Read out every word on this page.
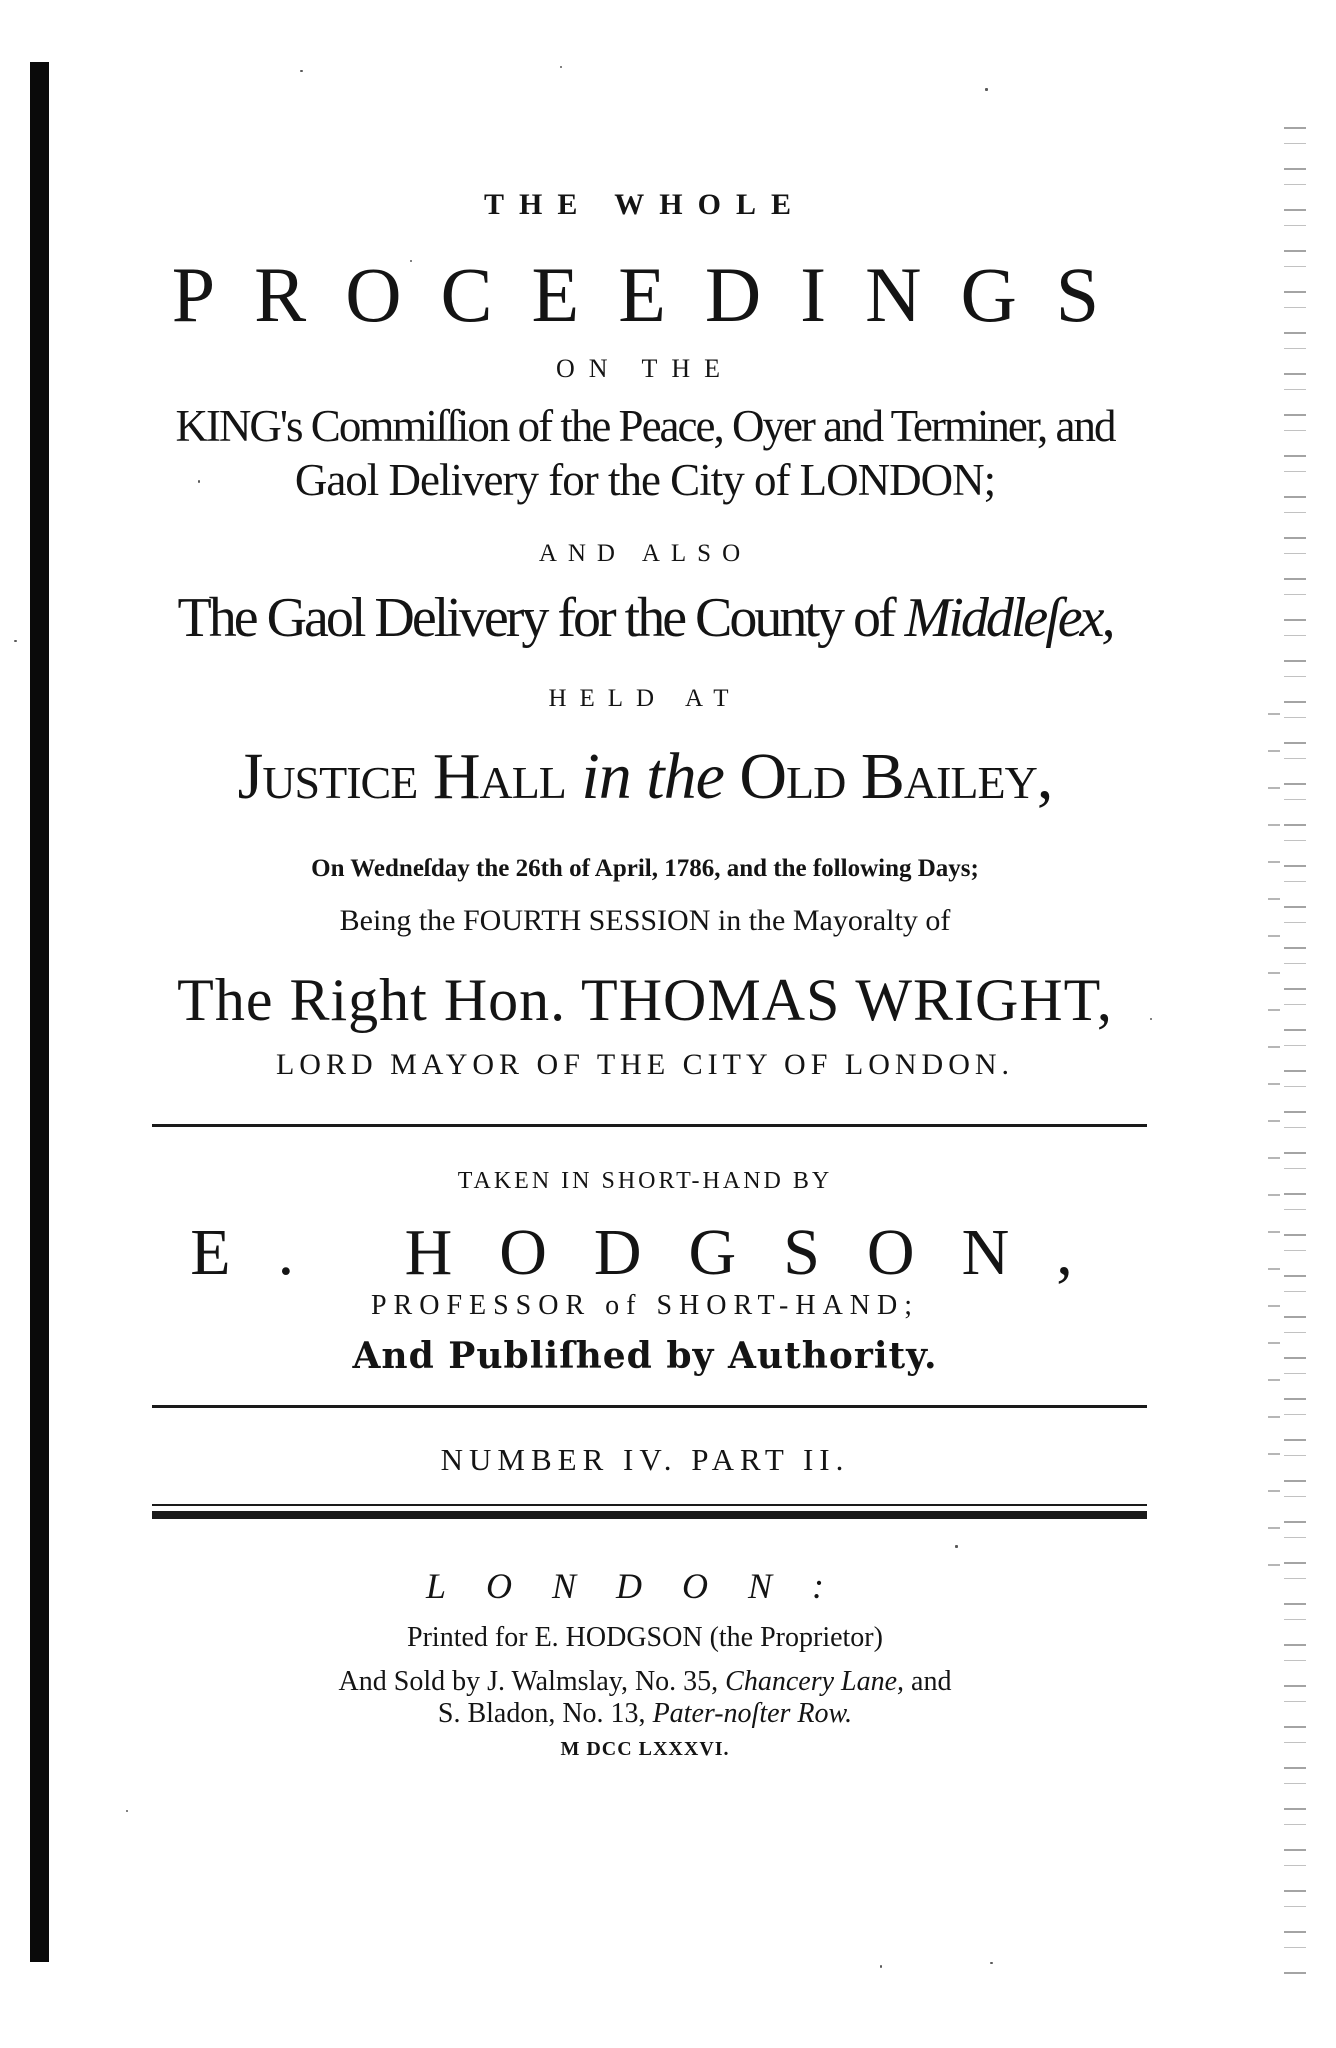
THE WHOLE
PROCEEDINGS
ON THE
KING's Commiſſion of the Peace, Oyer and Terminer, and
Gaol Delivery for the City of LONDON;
AND ALSO
The Gaol Delivery for the County of Middleſex,
HELD AT
Justice Hall in the Old Bailey,
On Wedneſday the 26th of April, 1786, and the following Days;
Being the FOURTH SESSION in the Mayoralty of
The Right Hon. THOMAS WRIGHT,
LORD MAYOR OF THE CITY OF LONDON.
TAKEN IN SHORT-HAND BY
E. HODGSON,
PROFESSOR of SHORT-HAND;
And Publiſhed by Authority.
NUMBER IV. PART II.
LONDON:
Printed for E. HODGSON (the Proprietor)
And Sold by J. Walmslay, No. 35, Chancery Lane, and
S. Bladon, No. 13, Pater-noſter Row.
M DCC LXXXVI.
